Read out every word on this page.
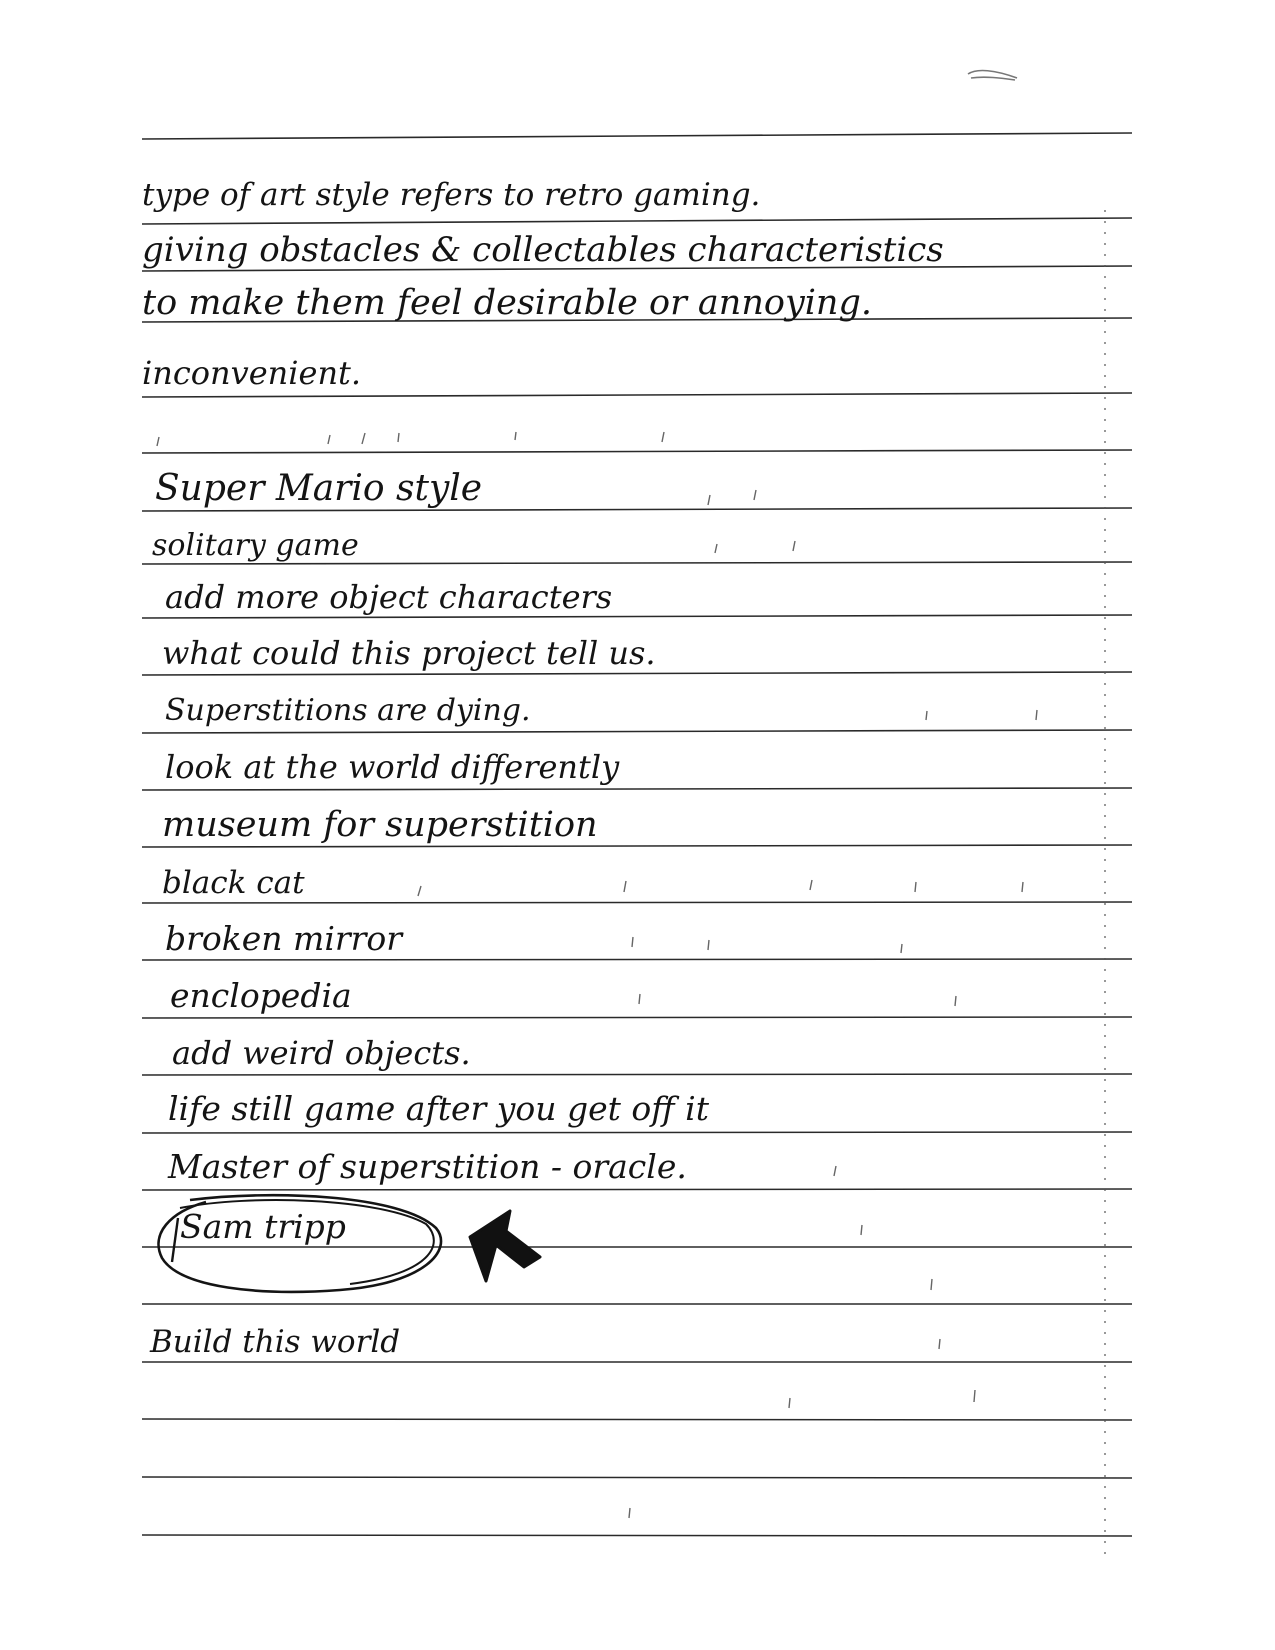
type of art style refers to retro gaming.
giving obstacles & collectables characteristics
to make them feel desirable or annoying.
inconvenient.
Super Mario style
solitary game
add more object characters
what could this project tell us.
Superstitions are dying.
look at the world differently
museum for superstition
black cat
broken mirror
enclopedia
add weird objects.
life still game after you get off it
Master of superstition - oracle.
Sam tripp
Build this world
